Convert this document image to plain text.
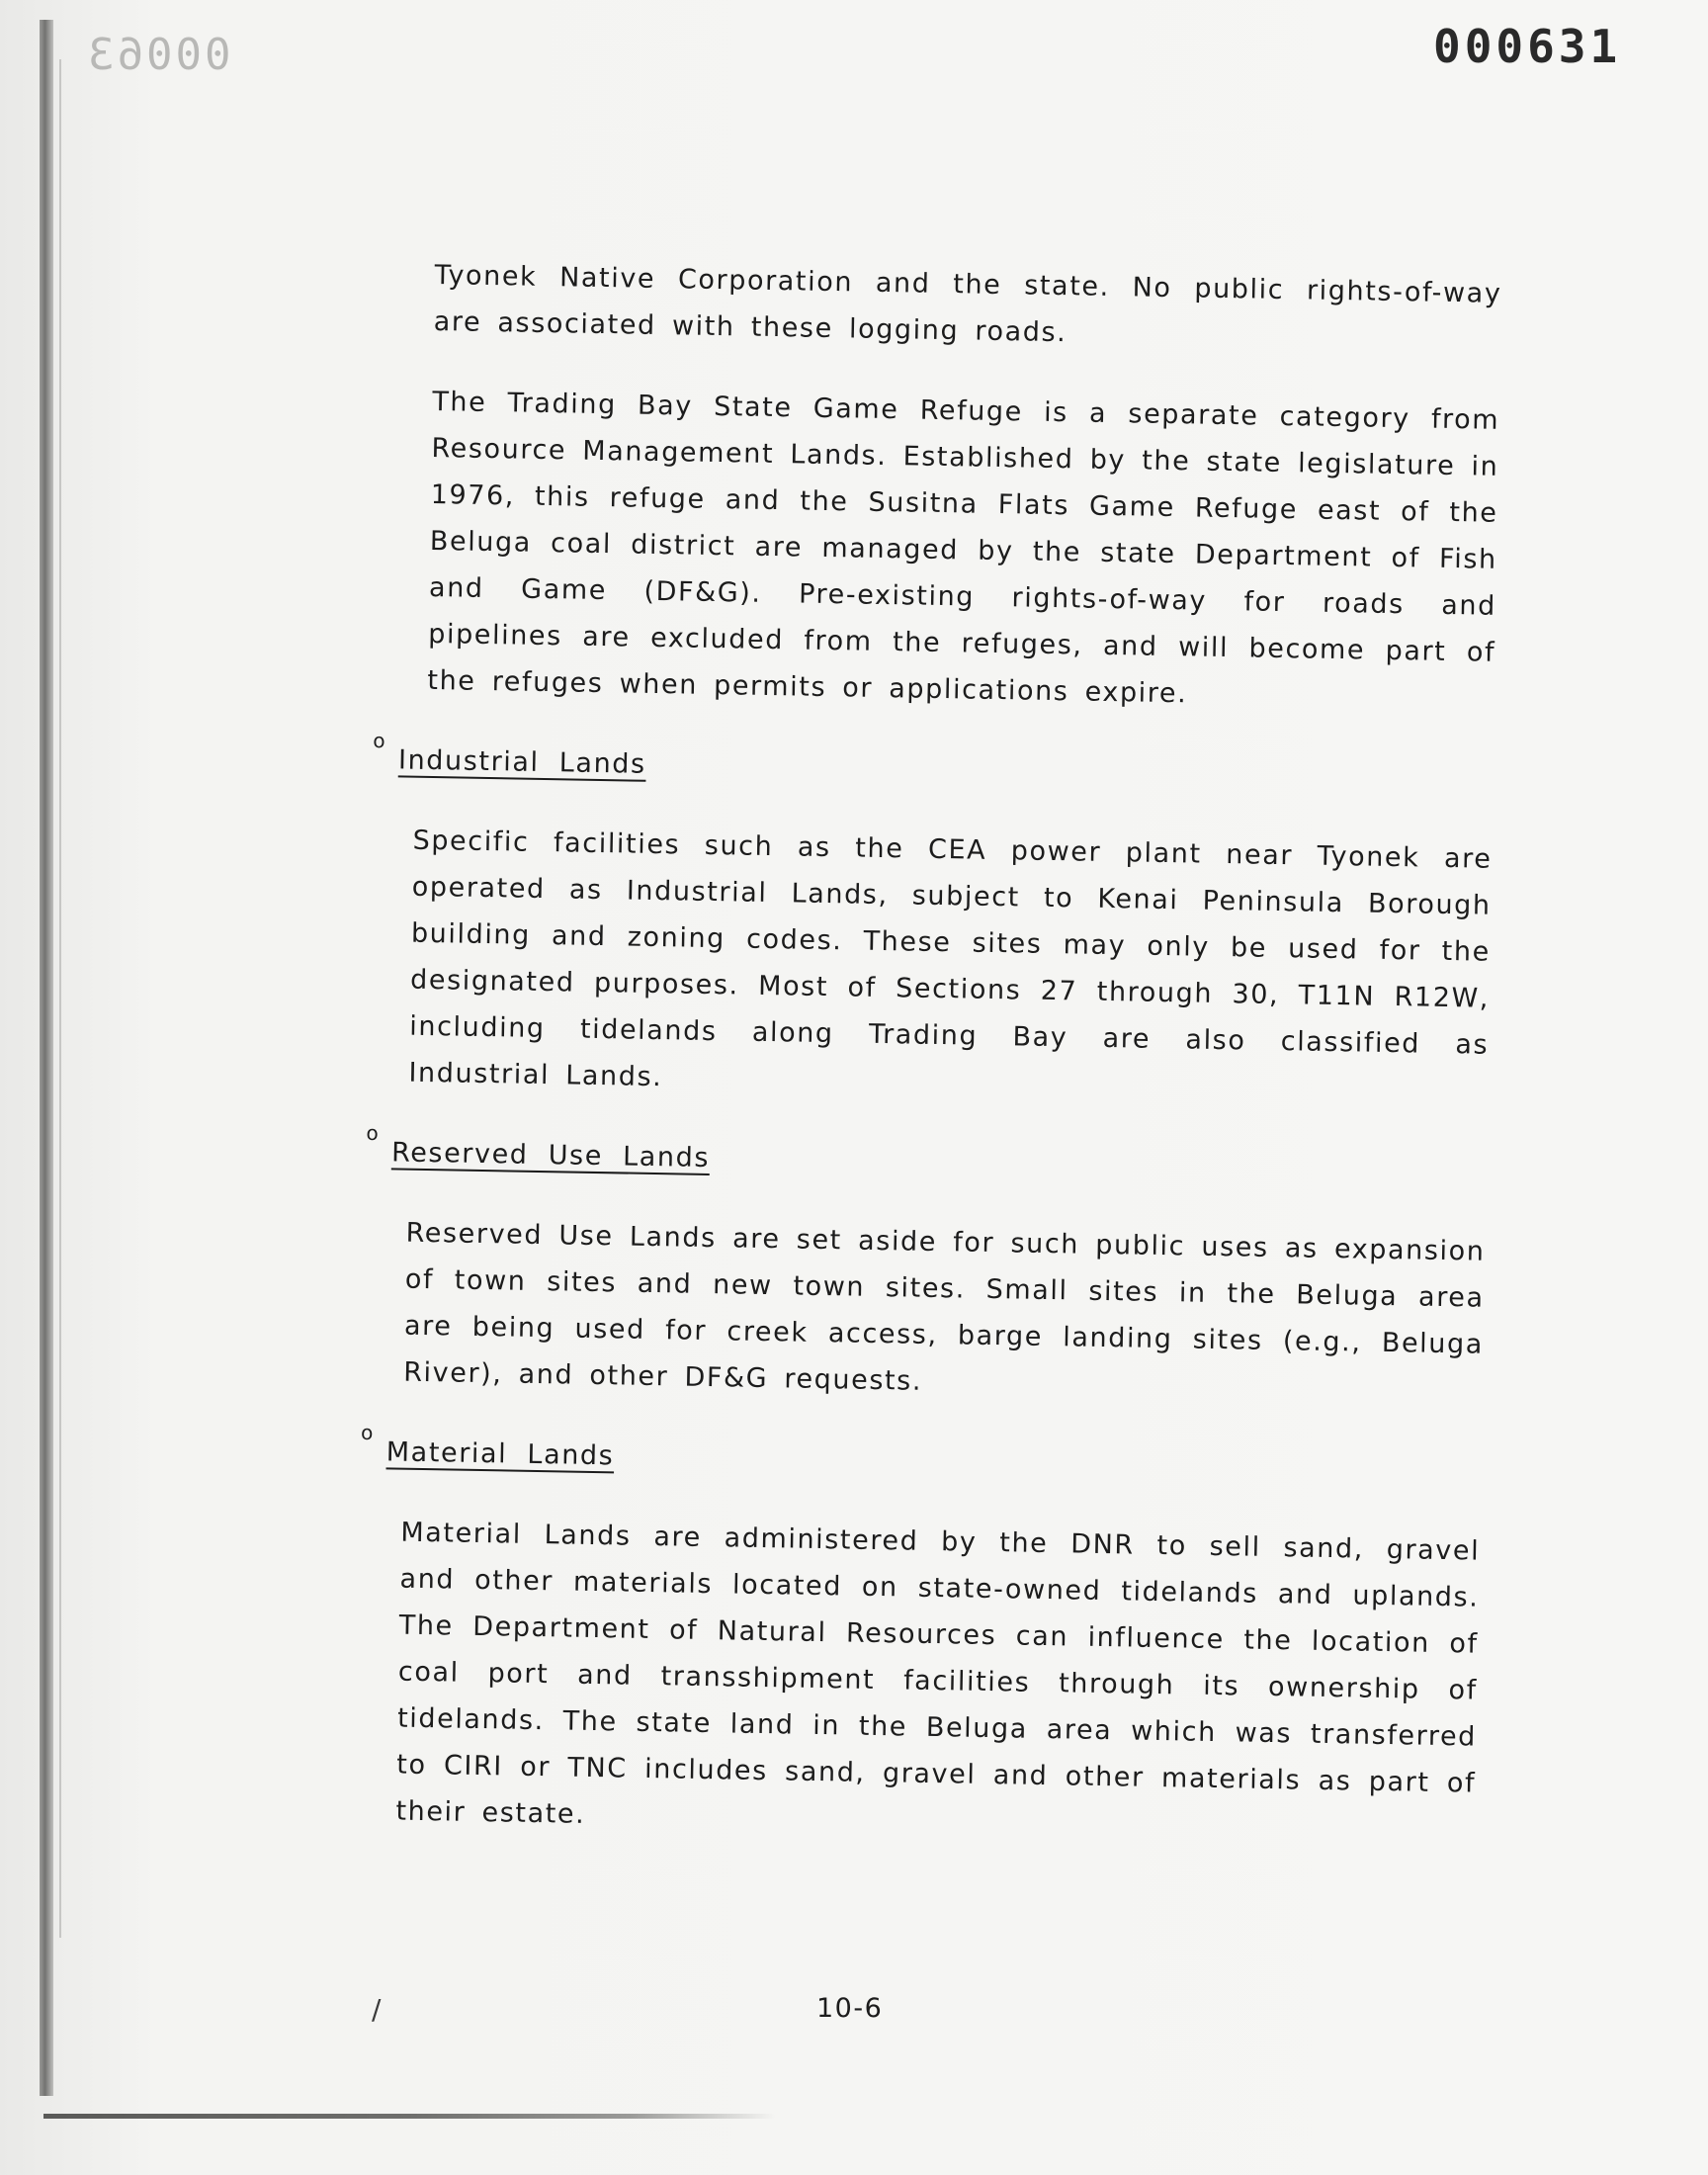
0006З	000631

Tyonek Native Corporation and the state. No public rights-of-way are associated with these logging roads.

The Trading Bay State Game Refuge is a separate category from Resource Management Lands. Established by the state legislature in 1976, this refuge and the Susitna Flats Game Refuge east of the Beluga coal district are managed by the state Department of Fish and Game (DF&G). Pre-existing rights-of-way for roads and pipelines are excluded from the refuges, and will become part of the refuges when permits or applications expire.

o
Industrial Lands

Specific facilities such as the CEA power plant near Tyonek are operated as Industrial Lands, subject to Kenai Peninsula Borough building and zoning codes. These sites may only be used for the designated purposes. Most of Sections 27 through 30, T11N R12W, including tidelands along Trading Bay are also classified as Industrial Lands.

o
Reserved Use Lands

Reserved Use Lands are set aside for such public uses as expansion of town sites and new town sites. Small sites in the Beluga area are being used for creek access, barge landing sites (e.g., Beluga River), and other DF&G requests.

o
Material Lands

Material Lands are administered by the DNR to sell sand, gravel and other materials located on state-owned tidelands and uplands. The Department of Natural Resources can influence the location of coal port and transshipment facilities through its ownership of tidelands. The state land in the Beluga area which was transferred to CIRI or TNC includes sand, gravel and other materials as part of their estate.

/	10-6
